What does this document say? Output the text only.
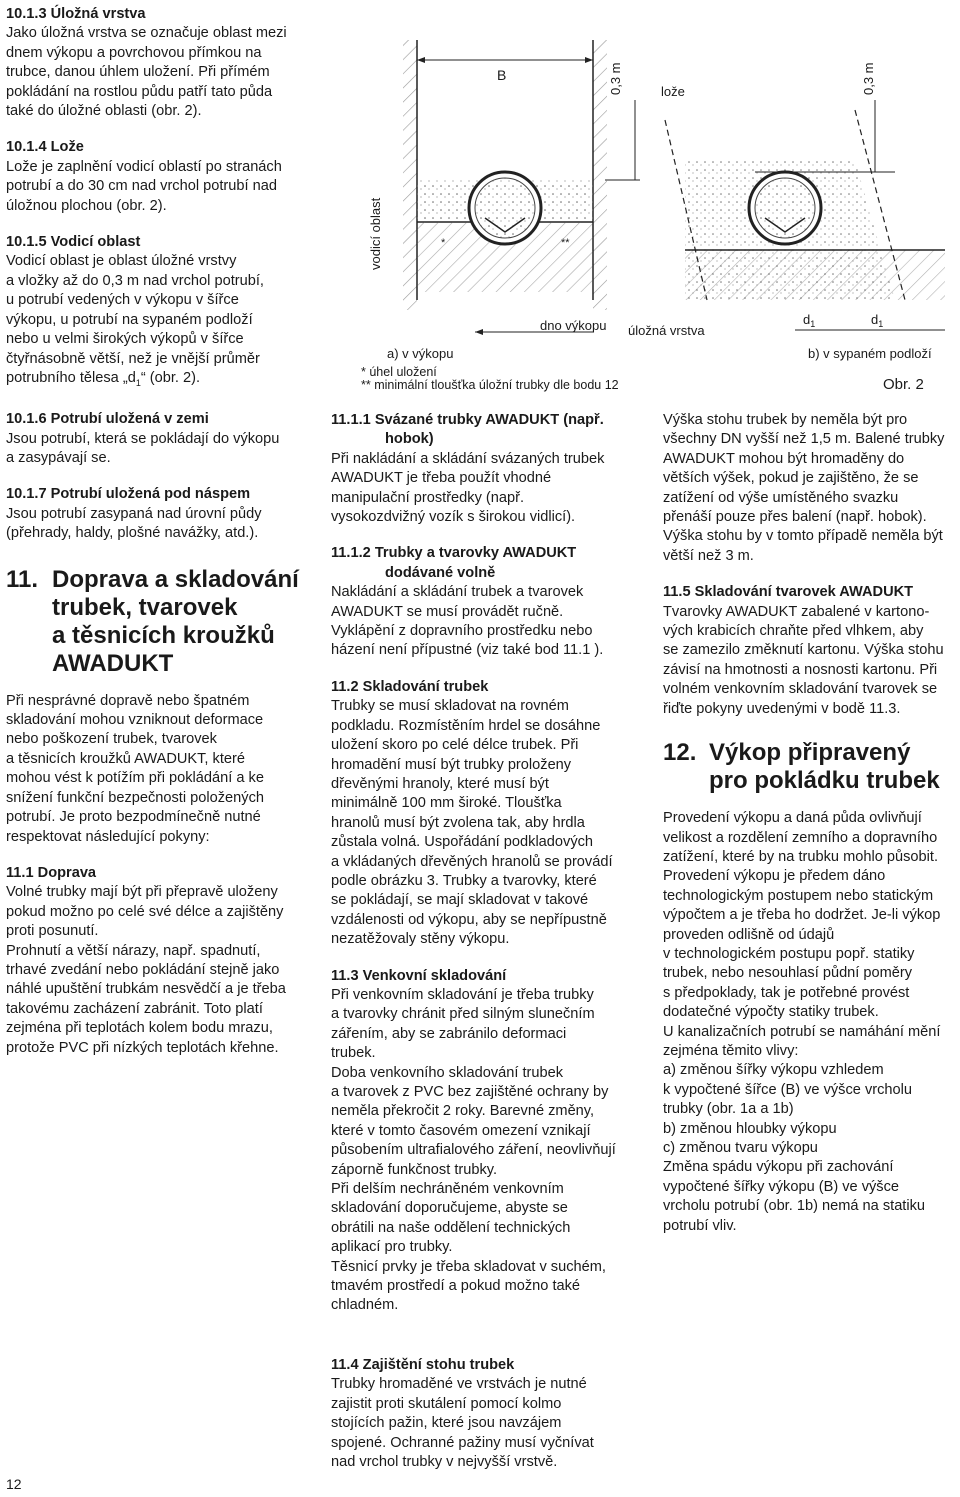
10.1.3 Úložná vrstva
Jako úložná vrstva se označuje oblast mezi
dnem výkopu a povrchovou přímkou na
trubce, danou úhlem uložení. Při přímém
pokládání na rostlou půdu patří tato půda
také do úložné oblasti (obr. 2).
10.1.4 Lože
Lože je zaplnění vodicí oblastí po stranách
potrubí a do 30 cm nad vrchol potrubí nad
úložnou plochou (obr. 2).
10.1.5 Vodicí oblast
Vodicí oblast je oblast úložné vrstvy
a vložky až do 0,3 m nad vrchol potrubí,
u potrubí vedených v výkopu v šířce
výkopu, u potrubí na sypaném podloží
nebo u velmi širokých výkopů v šířce
čtyřnásobně větší, než je vnější průměr
potrubního tělesa $„d_1“$ (obr. 2).
10.1.6 Potrubí uložená v zemi
Jsou potrubí, která se pokládají do výkopu
a zasypávají se.
10.1.7 Potrubí uložená pod náspem
Jsou potrubí zasypaná nad úrovní půdy
(přehrady, haldy, plošné navážky, atd.).
11. Doprava a skladování
trubek, tvarovek
a těsnicích kroužků
AWADUKT
Při nesprávné dopravě nebo špatném
skladování mohou vzniknout deformace
nebo poškození trubek, tvarovek
a těsnicích kroužků AWADUKT, které
mohou vést k potížím při pokládání a ke
snížení funkční bezpečnosti položených
potrubí. Je proto bezpodmínečně nutné
respektovat následující pokyny:
11.1 Doprava
Volné trubky mají být při přepravě uloženy
pokud možno po celé své délce a zajištěny
proti posunutí.
Prohnutí a větší nárazy, např. spadnutí,
trhavé zvedání nebo pokládání stejně jako
náhlé upuštění trubkám nesvědčí a je třeba
takovému zacházení zabránit. Toto platí
zejména při teplotách kolem bodu mrazu,
protože PVC při nízkých teplotách křehne.
*	**
B	0,3 m
vodicí oblast
dno výkopu
a) v výkopu
0,3 m
lože
úložná vrstva
$d_1$	$d_1$
b) v sypaném podloží
* úhel uložení
** minimální tloušťka úložní trubky dle bodu 12	Obr. 2
11.1.1 Svázané trubky AWADUKT (např. hobok)
Při nakládání a skládání svázaných trubek
AWADUKT je třeba použít vhodné
manipulační prostředky (např.
vysokozdvižný vozík s širokou vidlicí).
11.1.2 Trubky a tvarovky AWADUKT dodávané volně
Nakládání a skládání trubek a tvarovek
AWADUKT se musí provádět ručně.
Vyklápění z dopravního prostředku nebo
házení není přípustné (viz také bod 11.1 ).
11.2 Skladování trubek
Trubky se musí skladovat na rovném
podkladu. Rozmístěním hrdel se dosáhne
uložení skoro po celé délce trubek. Při
hromadění musí být trubky proloženy
dřevěnými hranoly, které musí být
minimálně 100 mm široké. Tloušťka
hranolů musí být zvolena tak, aby hrdla
zůstala volná. Uspořádání podkladových
a vkládaných dřevěných hranolů se provádí
podle obrázku 3. Trubky a tvarovky, které
se pokládají, se mají skladovat v takové
vzdálenosti od výkopu, aby se nepřípustně
nezatěžovaly stěny výkopu.
11.3 Venkovní skladování
Při venkovním skladování je třeba trubky
a tvarovky chránit před silným slunečním
zářením, aby se zabránilo deformaci
trubek.
Doba venkovního skladování trubek
a tvarovek z PVC bez zajištěné ochrany by
neměla překročit 2 roky. Barevné změny,
které v tomto časovém omezení vznikají
působením ultrafialového záření, neovlivňují
záporně funkčnost trubky.
Při delším nechráněném venkovním
skladování doporučujeme, abyste se
obrátili na naše oddělení technických
aplikací pro trubky.
Těsnicí prvky je třeba skladovat v suchém,
tmavém prostředí a pokud možno také
chladném.
11.4 Zajištění stohu trubek
Trubky hromaděné ve vrstvách je nutné
zajistit proti skutálení pomocí kolmo
stojících pažin, které jsou navzájem
spojené. Ochranné pažiny musí vyčnívat
nad vrchol trubky v nejvyšší vrstvě.
Výška stohu trubek by neměla být pro
všechny DN vyšší než 1,5 m. Balené trubky
AWADUKT mohou být hromaděny do
větších výšek, pokud je zajištěno, že se
zatížení od výše umístěného svazku
přenáší pouze přes balení (např. hobok).
Výška stohu by v tomto případě neměla být
větší než 3 m.
11.5 Skladování tvarovek AWADUKT
Tvarovky AWADUKT zabalené v kartono-
vých krabicích chraňte před vlhkem, aby
se zamezilo změknutí kartonu. Výška stohu
závisí na hmotnosti a nosnosti kartonu. Při
volném venkovním skladování tvarovek se
řiďte pokyny uvedenými v bodě 11.3.
12. Výkop připravený
pro pokládku trubek
Provedení výkopu a daná půda ovlivňují
velikost a rozdělení zemního a dopravního
zatížení, které by na trubku mohlo působit.
Provedení výkopu je předem dáno
technologickým postupem nebo statickým
výpočtem a je třeba ho dodržet. Je-li výkop
proveden odlišně od údajů
v technologickém postupu popř. statiky
trubek, nebo nesouhlasí půdní poměry
s předpoklady, tak je potřebné provést
dodatečné výpočty statiky trubek.
U kanalizačních potrubí se namáhání mění
zejména těmito vlivy:
a) změnou šířky výkopu vzhledem
k vypočtené šířce (B) ve výšce vrcholu
trubky (obr. 1a a 1b)
b) změnou hloubky výkopu
c) změnou tvaru výkopu
Změna spádu výkopu při zachování
vypočtené šířky výkopu (B) ve výšce
vrcholu potrubí (obr. 1b) nemá na statiku
potrubí vliv.
12
